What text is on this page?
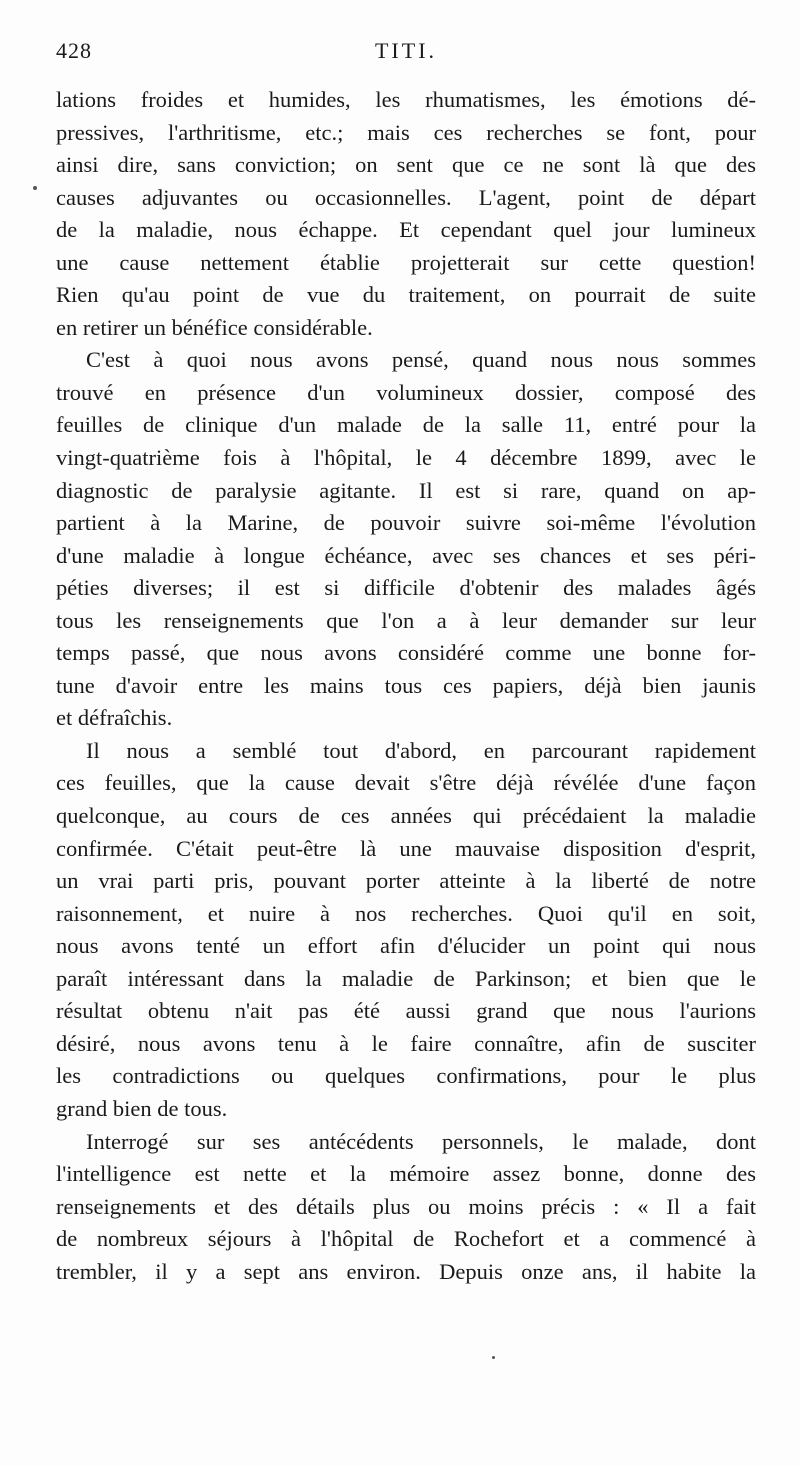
428	TITI.
lations froides et humides, les rhumatismes, les émotions dé-
pressives, l'arthritisme, etc.; mais ces recherches se font, pour
ainsi dire, sans conviction; on sent que ce ne sont là que des
causes adjuvantes ou occasionnelles. L'agent, point de départ
de la maladie, nous échappe. Et cependant quel jour lumineux
une cause nettement établie projetterait sur cette question!
Rien qu'au point de vue du traitement, on pourrait de suite
en retirer un bénéfice considérable.
C'est à quoi nous avons pensé, quand nous nous sommes
trouvé en présence d'un volumineux dossier, composé des
feuilles de clinique d'un malade de la salle 11, entré pour la
vingt-quatrième fois à l'hôpital, le 4 décembre 1899, avec le
diagnostic de paralysie agitante. Il est si rare, quand on ap-
partient à la Marine, de pouvoir suivre soi-même l'évolution
d'une maladie à longue échéance, avec ses chances et ses péri-
péties diverses; il est si difficile d'obtenir des malades âgés
tous les renseignements que l'on a à leur demander sur leur
temps passé, que nous avons considéré comme une bonne for-
tune d'avoir entre les mains tous ces papiers, déjà bien jaunis
et défraîchis.
Il nous a semblé tout d'abord, en parcourant rapidement
ces feuilles, que la cause devait s'être déjà révélée d'une façon
quelconque, au cours de ces années qui précédaient la maladie
confirmée. C'était peut-être là une mauvaise disposition d'esprit,
un vrai parti pris, pouvant porter atteinte à la liberté de notre
raisonnement, et nuire à nos recherches. Quoi qu'il en soit,
nous avons tenté un effort afin d'élucider un point qui nous
paraît intéressant dans la maladie de Parkinson; et bien que le
résultat obtenu n'ait pas été aussi grand que nous l'aurions
désiré, nous avons tenu à le faire connaître, afin de susciter
les contradictions ou quelques confirmations, pour le plus
grand bien de tous.
Interrogé sur ses antécédents personnels, le malade, dont
l'intelligence est nette et la mémoire assez bonne, donne des
renseignements et des détails plus ou moins précis : « Il a fait
de nombreux séjours à l'hôpital de Rochefort et a commencé à
trembler, il y a sept ans environ. Depuis onze ans, il habite la
